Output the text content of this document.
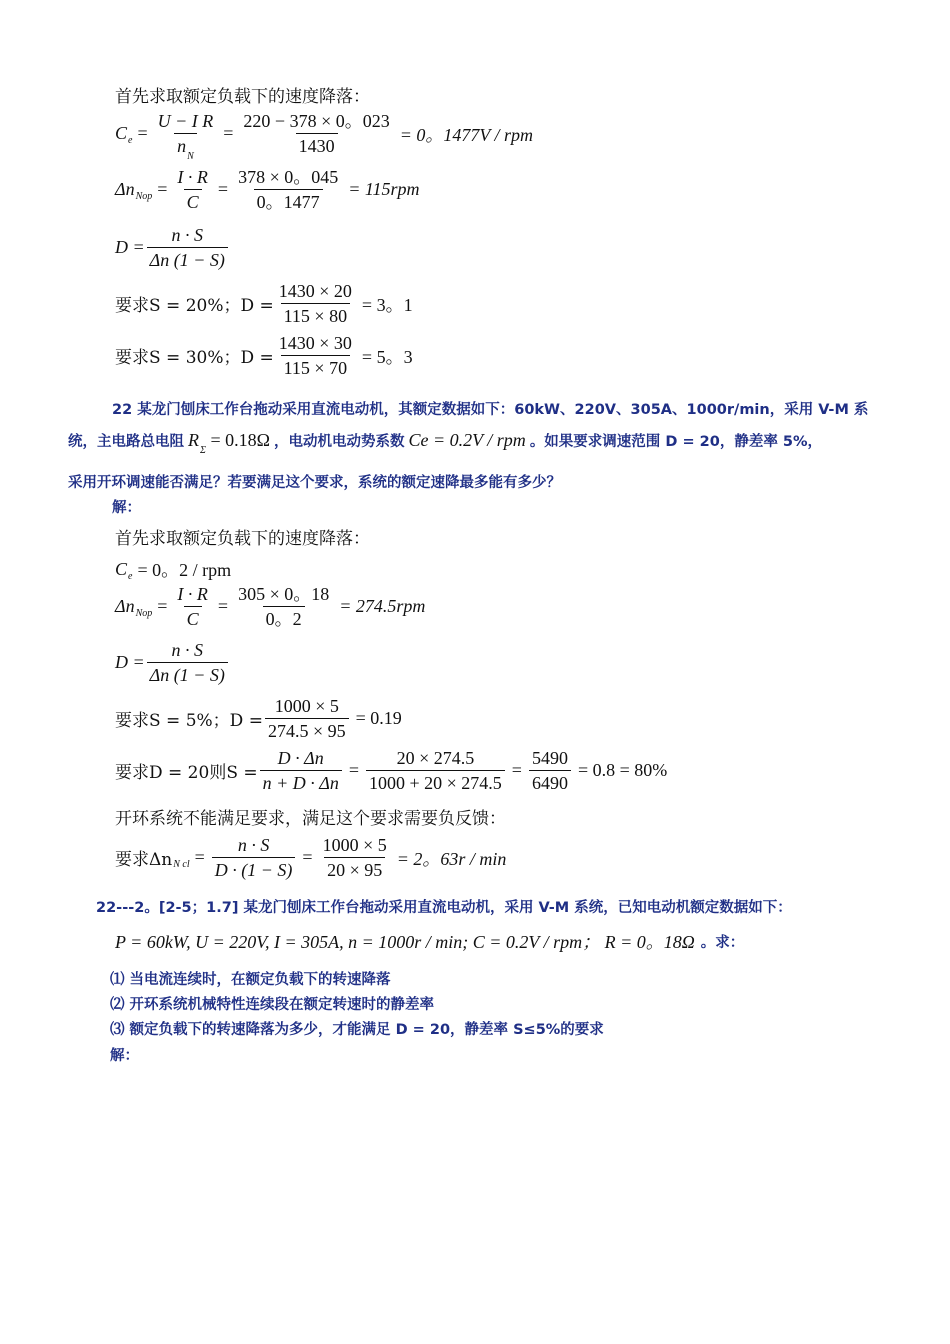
首先求取额定负载下的速度降落：
C $e = \frac{\text{U − I R}}{n_N} = \frac{220 - 378 \times 0。023}{1430} = 0$。1477V / rpm
Δn Nop = $\frac{I \cdot R}{C} = \frac{378 \times 0。045}{0。1477} = 115rpm$
$D = \frac{n \cdot S}{\Delta n (1 - S)}$
要求S = 20%；$D = \frac{1430 \times 20}{115 \times 80} = 3$。1
要求S = 30%；$D = \frac{1430 \times 30}{115 \times 70} = 5$。3
22 某龙门刨床工作台拖动采用直流电动机，其额定数据如下：60kW、220V、305A、1000r/min，采用 V-M 系
统，主电路总电阻 $R_\Sigma = 0.18\Omega$ ，电动机电动势系数 Ce = 0.2V / rpm 。如果要求调速范围 D = 20，静差率 5%，
采用开环调速能否满足？若要满足这个要求，系统的额定速降最多能有多少？
解：
首先求取额定负载下的速度降落：
C e = 0。2 / rpm
Δn Nop = $\frac{I \cdot R}{C} = \frac{305 \times 0。18}{0。2} = 274.5rpm$
$D = \frac{n \cdot S}{\Delta n (1 - S)}$
要求S = 5%；$D = \frac{1000 \times 5}{274.5 \times 95} = 0.19$
要求D = 20则$S = \frac{D \cdot \Delta n}{n + D \cdot \Delta n} = \frac{20 \times 274.5}{1000 + 20 \times 274.5} = \frac{5490}{6490} = 0.8 = 80\%$
开环系统不能满足要求，满足这个要求需要负反馈：
要求Δn N cl = $\frac{n \cdot S}{D \cdot (1 - S)} = \frac{1000 \times 5}{20 \times 95} = 2$。63r / min
22---2。[2-5；1.7] 某龙门刨床工作台拖动采用直流电动机，采用 V-M 系统，已知电动机额定数据如下：
P = 60kW, U = 220V, I = 305A, n = 1000r / min; C = 0.2V / rpm； R = 0。18Ω 。求：
⑴ 当电流连续时，在额定负载下的转速降落
⑵ 开环系统机械特性连续段在额定转速时的静差率
⑶ 额定负载下的转速降落为多少，才能满足 D = 20，静差率 S≤5%的要求
解：
